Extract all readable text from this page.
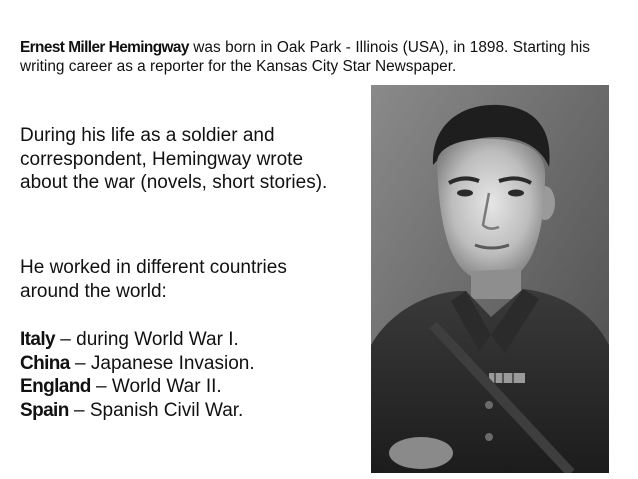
Ernest Miller Hemingway was born in Oak Park - Illinois (USA), in 1898. Starting his writing career as a reporter for the Kansas City Star Newspaper.

During his life as a soldier and
correspondent, Hemingway wrote
about the war (novels, short stories).
He worked in different countries
around the world:
Italy – during World War I.
China – Japanese Invasion.
England – World War II.
Spain – Spanish Civil War.
